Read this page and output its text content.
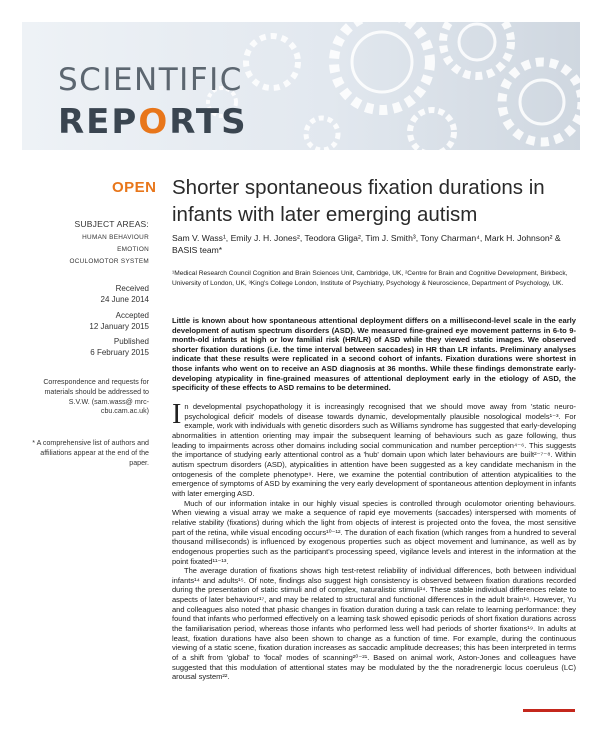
SCIENTIFIC
REPORTS
OPEN Shorter spontaneous fixation durations in infants with later emerging autism
Sam V. Wass¹, Emily J. H. Jones², Teodora Gliga², Tim J. Smith³, Tony Charman⁴, Mark H. Johnson² & BASIS team*
SUBJECT AREAS:
HUMAN BEHAVIOUR
EMOTION
OCULOMOTOR SYSTEM
Received
24 June 2014
Accepted
12 January 2015
Published
6 February 2015
Correspondence and requests for materials should be addressed to S.V.W. (sam.wass@ mrc-cbu.cam.ac.uk)
* A comprehensive list of authors and affiliations appear at the end of the paper.
¹Medical Research Council Cognition and Brain Sciences Unit, Cambridge, UK, ²Centre for Brain and Cognitive Development, Birkbeck, University of London, UK, ³King's College London, Institute of Psychiatry, Psychology & Neuroscience, Department of Psychology, UK.
Little is known about how spontaneous attentional deployment differs on a millisecond-level scale in the early development of autism spectrum disorders (ASD). We measured fine-grained eye movement patterns in 6-to 9-month-old infants at high or low familial risk (HR/LR) of ASD while they viewed static images. We observed shorter fixation durations (i.e. the time interval between saccades) in HR than LR infants. Preliminary analyses indicate that these results were replicated in a second cohort of infants. Fixation durations were shortest in those infants who went on to receive an ASD diagnosis at 36 months. While these findings demonstrate early-developing atypicality in fine-grained measures of attentional deployment early in the etiology of ASD, the specificity of these effects to ASD remains to be determined.

In developmental psychopathology it is increasingly recognised that we should move away from 'static neuro-psychological deficit' models of disease towards dynamic, developmentally plausible nosological models¹⁻³. For example, work with individuals with genetic disorders such as Williams syndrome has suggested that early-developing abnormalities in attention orienting may impair the subsequent learning of behaviours such as gaze following, thus leading to impairments across other domains including social communication and number perception⁴⁻⁶. This suggests the importance of studying early attentional control as a 'hub' domain upon which later behaviours are built²⁻⁷⁻⁸. Within autism spectrum disorders (ASD), atypicalities in attention have been suggested as a key candidate mechanism in the ontogenesis of the complete phenotype⁹. Here, we examine the potential contribution of attention atypicalities to the emergence of symptoms of ASD by examining the very early development of spontaneous attention deployment in infants with later emerging ASD.

Much of our information intake in our highly visual species is controlled through oculomotor orienting behaviours. When viewing a visual array we make a sequence of rapid eye movements (saccades) interspersed with moments of relative stability (fixations) during which the light from objects of interest is projected onto the fovea, the most sensitive part of the retina, while visual encoding occurs¹⁰⁻¹². The duration of each fixation (which ranges from a hundred to several thousand milliseconds) is influenced by exogenous properties such as object movement and luminance, as well as by endogenous properties such as the participant's processing speed, vigilance levels and interest in the information at the point fixated¹¹⁻¹³.

The average duration of fixations shows high test-retest reliability of individual differences, both between individual infants¹⁴ and adults¹⁵. Of note, findings also suggest high consistency is observed between fixation durations recorded during the presentation of static stimuli and of complex, naturalistic stimuli¹⁴. These stable individual differences relate to aspects of later behaviour¹⁷, and may be related to structural and functional differences in the adult brain¹⁸. However, Yu and colleagues also noted that phasic changes in fixation duration during a task can relate to learning performance: they found that infants who performed effectively on a learning task showed episodic periods of short fixation durations across the familiarisation period, whereas those infants who performed less well had periods of shorter fixations¹⁹. In adults at least, fixation durations have also been shown to change as a function of time. For example, during the continuous viewing of a static scene, fixation duration increases as saccadic amplitude decreases; this has been interpreted in terms of a shift from 'global' to 'focal' modes of scanning²⁰⁻²¹. Based on animal work, Aston-Jones and colleagues have suggested that this modulation of attentional states may be modulated by the the noradrenergic locus coeruleus (LC) arousal system²².
